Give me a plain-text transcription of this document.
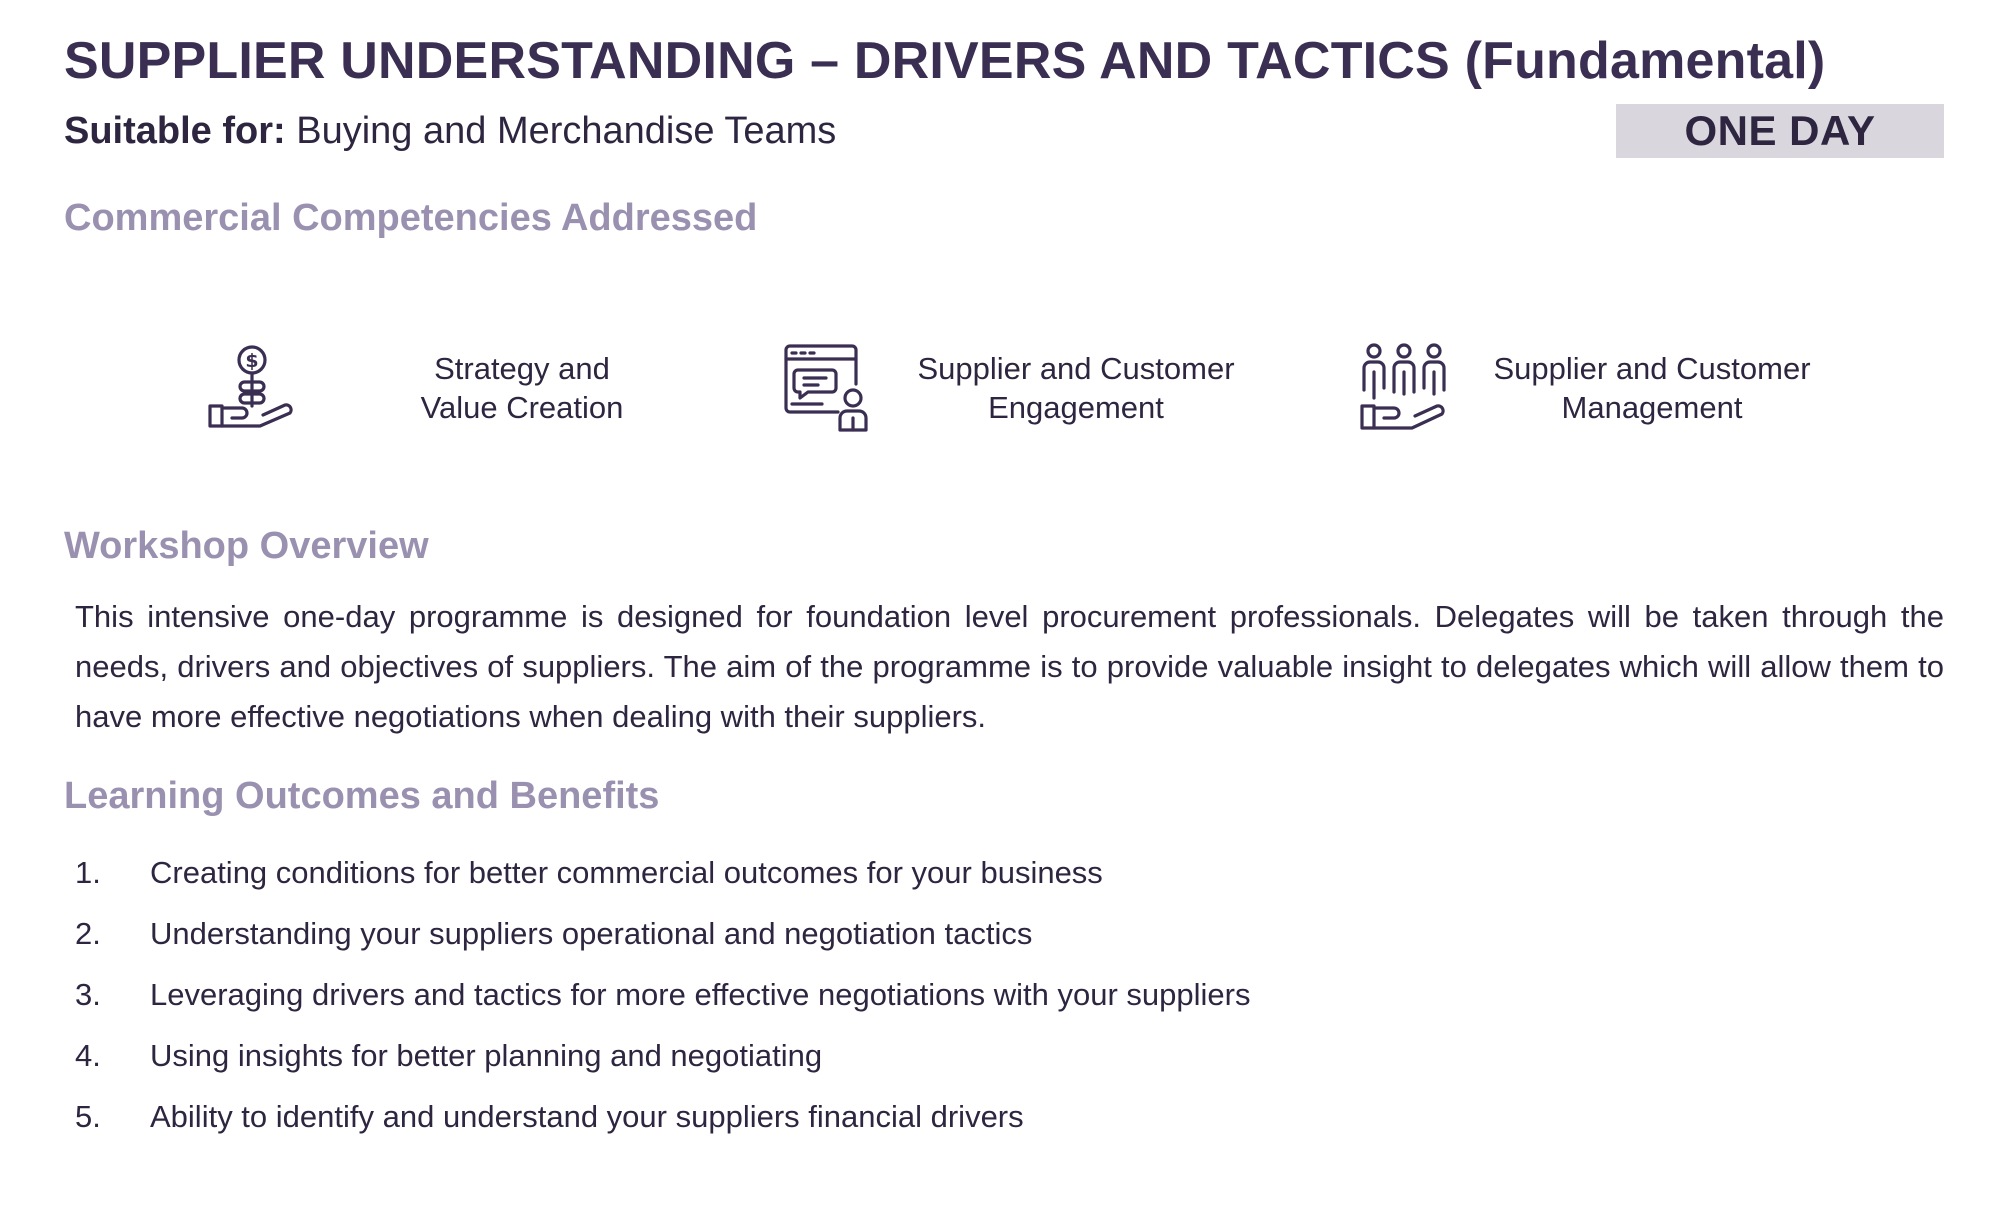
SUPPLIER UNDERSTANDING – DRIVERS AND TACTICS (Fundamental)
Suitable for: Buying and Merchandise Teams	ONE DAY
Commercial Competencies Addressed
$	Strategy and
Value Creation
Supplier and Customer
Engagement
Supplier and Customer
Management
Workshop Overview

This intensive one-day programme is designed for foundation level procurement professionals. Delegates will be taken through the needs, drivers and objectives of suppliers. The aim of the programme is to provide valuable insight to delegates which will allow them to have more effective negotiations when dealing with their suppliers.

Learning Outcomes and Benefits
1.	Creating conditions for better commercial outcomes for your business
2.	Understanding your suppliers operational and negotiation tactics
3.	Leveraging drivers and tactics for more effective negotiations with your suppliers
4.	Using insights for better planning and negotiating
5.	Ability to identify and understand your suppliers financial drivers
